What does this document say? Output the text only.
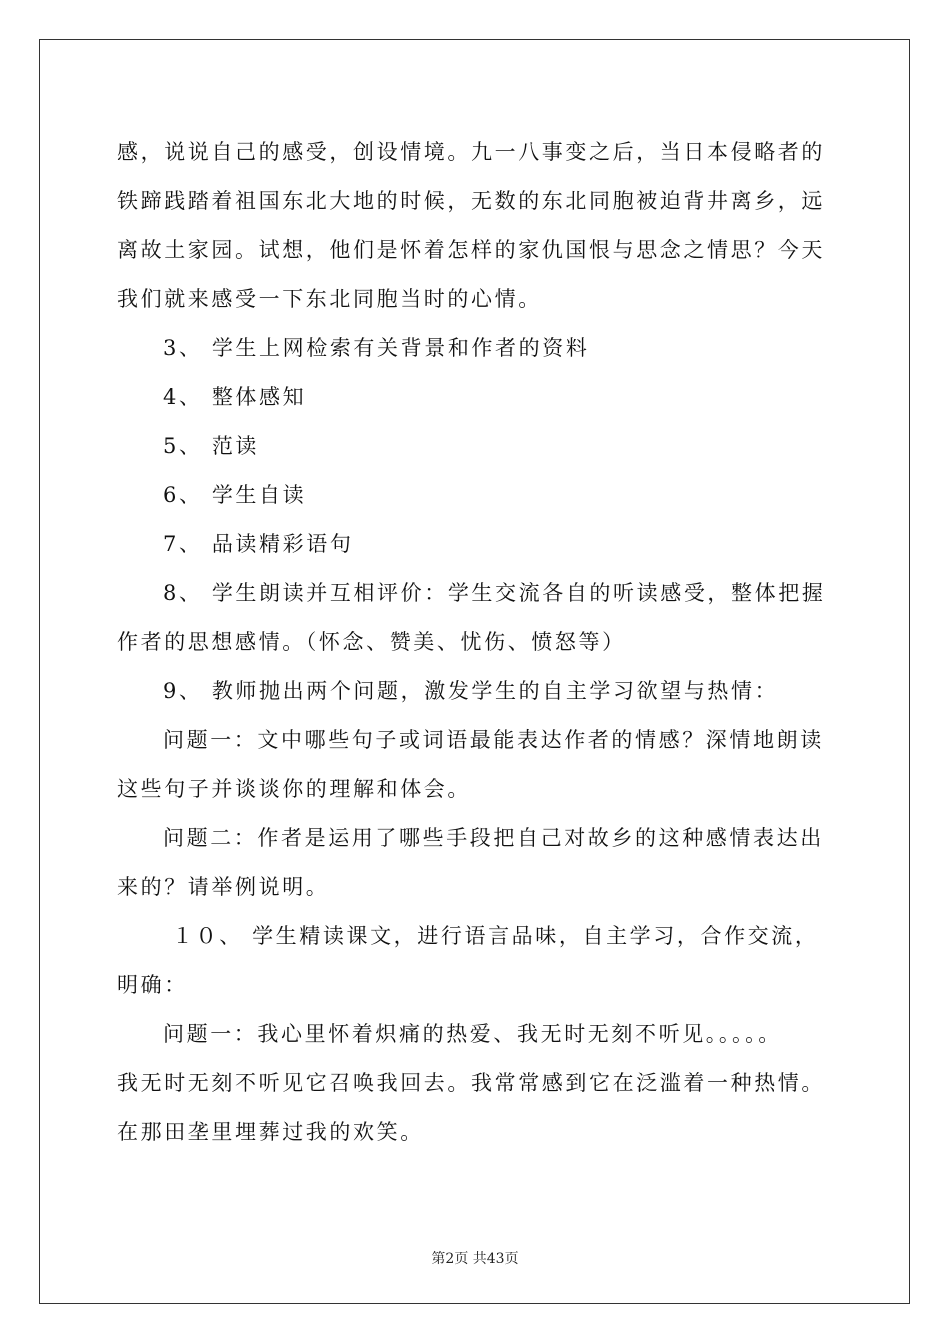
感，说说自己的感受，创设情境。九一八事变之后，当日本侵略者的
铁蹄践踏着祖国东北大地的时候，无数的东北同胞被迫背井离乡，远
离故土家园。试想，他们是怀着怎样的家仇国恨与思念之情思？今天
我们就来感受一下东北同胞当时的心情。
3、 学生上网检索有关背景和作者的资料
4、 整体感知
5、 范读
6、 学生自读
7、 品读精彩语句
8、 学生朗读并互相评价：学生交流各自的听读感受，整体把握
作者的思想感情。（怀念、赞美、忧伤、愤怒等）
9、 教师抛出两个问题，激发学生的自主学习欲望与热情：
问题一：文中哪些句子或词语最能表达作者的情感？深情地朗读
这些句子并谈谈你的理解和体会。
问题二：作者是运用了哪些手段把自己对故乡的这种感情表达出
来的？请举例说明。
１０、 学生精读课文，进行语言品味，自主学习，合作交流，
明确：
问题一：我心里怀着炽痛的热爱、我无时无刻不听见。。。。。
我无时无刻不听见它召唤我回去。我常常感到它在泛滥着一种热情。
在那田垄里埋葬过我的欢笑。
第2页 共43页
